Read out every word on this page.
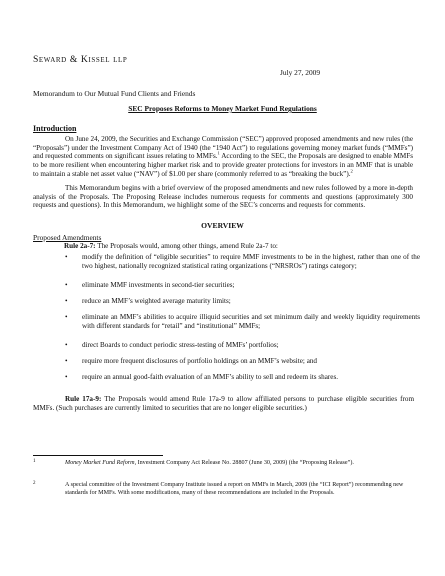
Seward & Kissel llp
July 27, 2009
Memorandum to Our Mutual Fund Clients and Friends
SEC Proposes Reforms to Money Market Fund Regulations
Introduction

On June 24, 2009, the Securities and Exchange Commission (“SEC”) approved proposed amendments and new rules (the “Proposals”) under the Investment Company Act of 1940 (the “1940 Act”) to regulations governing money market funds (“MMFs”) and requested comments on significant issues relating to MMFs.$^1$ According to the SEC, the Proposals are designed to enable MMFs to be more resilient when encountering higher market risk and to provide greater protections for investors in an MMF that is unable to maintain a stable net asset value (“NAV”) of $1.00 per share (commonly referred to as “breaking the buck”).$^2$

This Memorandum begins with a brief overview of the proposed amendments and new rules followed by a more in-depth analysis of the Proposals. The Proposing Release includes numerous requests for comments and questions (approximately 300 requests and questions). In this Memorandum, we highlight some of the SEC’s concerns and requests for comments.

OVERVIEW
Proposed Amendments

Rule 2a-7: The Proposals would, among other things, amend Rule 2a-7 to:

•	modify the definition of “eligible securities” to require MMF investments to be in the highest, rather than one of the two highest, nationally recognized statistical rating organizations (“NRSROs”) ratings category;
•	eliminate MMF investments in second-tier securities;
•	reduce an MMF’s weighted average maturity limits;
•	eliminate an MMF’s abilities to acquire illiquid securities and set minimum daily and weekly liquidity requirements with different standards for “retail” and “institutional” MMFs;
•	direct Boards to conduct periodic stress-testing of MMFs’ portfolios;
•	require more frequent disclosures of portfolio holdings on an MMF’s website; and
•	require an annual good-faith evaluation of an MMF’s ability to sell and redeem its shares.

Rule 17a-9: The Proposals would amend Rule 17a-9 to allow affiliated persons to purchase eligible securities from MMFs. (Such purchases are currently limited to securities that are no longer eligible securities.)

1	Money Market Fund Reform, Investment Company Act Release No. 28807 (June 30, 2009) (the “Proposing Release”).
2	A special committee of the Investment Company Institute issued a report on MMFs in March, 2009 (the “ICI Report”) recommending new standards for MMFs. With some modifications, many of these recommendations are included in the Proposals.
